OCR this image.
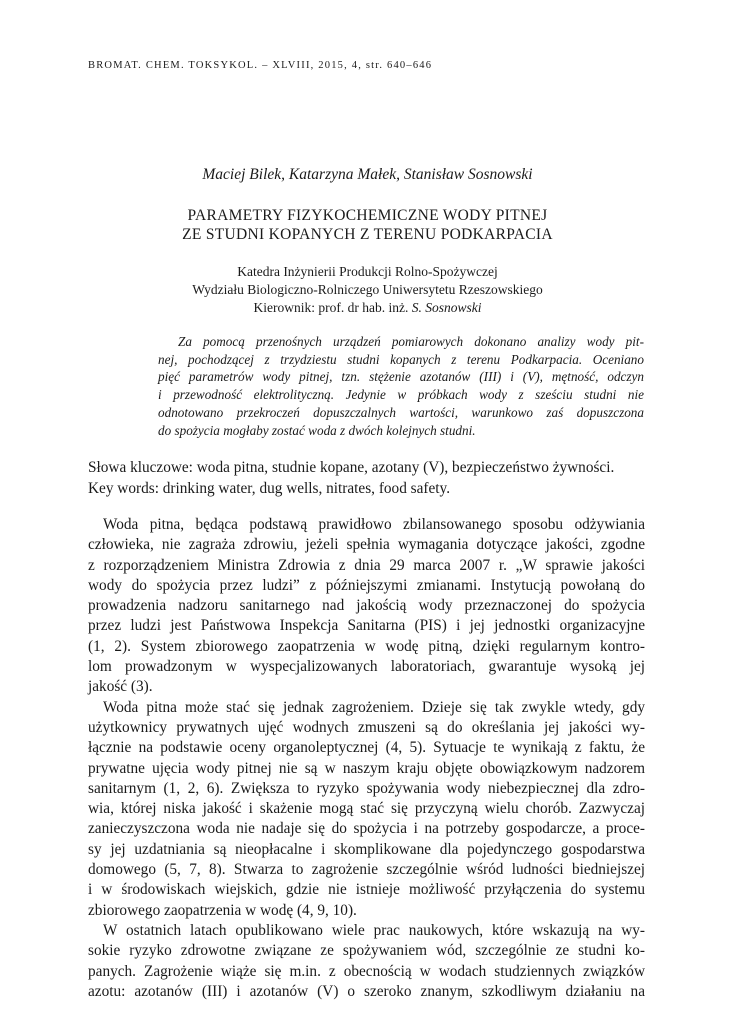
BROMAT. CHEM. TOKSYKOL. – XLVIII, 2015, 4, str. 640–646
Maciej Bilek, Katarzyna Małek, Stanisław Sosnowski
PARAMETRY FIZYKOCHEMICZNE WODY PITNEJ
ZE STUDNI KOPANYCH Z TERENU PODKARPACIA
Katedra Inżynierii Produkcji Rolno-Spożywczej
Wydziału Biologiczno-Rolniczego Uniwersytetu Rzeszowskiego
Kierownik: prof. dr hab. inż. S. Sosnowski
Za pomocą przenośnych urządzeń pomiarowych dokonano analizy wody pit-
nej, pochodzącej z trzydziestu studni kopanych z terenu Podkarpacia. Oceniano
pięć parametrów wody pitnej, tzn. stężenie azotanów (III) i (V), mętność, odczyn
i przewodność elektrolityczną. Jedynie w próbkach wody z sześciu studni nie
odnotowano przekroczeń dopuszczalnych wartości, warunkowo zaś dopuszczona
do spożycia mogłaby zostać woda z dwóch kolejnych studni.
Słowa kluczowe: woda pitna, studnie kopane, azotany (V), bezpieczeństwo żywności.
Key words: drinking water, dug wells, nitrates, food safety.
Woda pitna, będąca podstawą prawidłowo zbilansowanego sposobu odżywiania
człowieka, nie zagraża zdrowiu, jeżeli spełnia wymagania dotyczące jakości, zgodne
z rozporządzeniem Ministra Zdrowia z dnia 29 marca 2007 r. „W sprawie jakości
wody do spożycia przez ludzi” z późniejszymi zmianami. Instytucją powołaną do
prowadzenia nadzoru sanitarnego nad jakością wody przeznaczonej do spożycia
przez ludzi jest Państwowa Inspekcja Sanitarna (PIS) i jej jednostki organizacyjne
(1, 2). System zbiorowego zaopatrzenia w wodę pitną, dzięki regularnym kontro-
lom prowadzonym w wyspecjalizowanych laboratoriach, gwarantuje wysoką jej
jakość (3).
Woda pitna może stać się jednak zagrożeniem. Dzieje się tak zwykle wtedy, gdy
użytkownicy prywatnych ujęć wodnych zmuszeni są do określania jej jakości wy-
łącznie na podstawie oceny organoleptycznej (4, 5). Sytuacje te wynikają z faktu, że
prywatne ujęcia wody pitnej nie są w naszym kraju objęte obowiązkowym nadzorem
sanitarnym (1, 2, 6). Zwiększa to ryzyko spożywania wody niebezpiecznej dla zdro-
wia, której niska jakość i skażenie mogą stać się przyczyną wielu chorób. Zazwyczaj
zanieczyszczona woda nie nadaje się do spożycia i na potrzeby gospodarcze, a proce-
sy jej uzdatniania są nieopłacalne i skomplikowane dla pojedynczego gospodarstwa
domowego (5, 7, 8). Stwarza to zagrożenie szczególnie wśród ludności biedniejszej
i w środowiskach wiejskich, gdzie nie istnieje możliwość przyłączenia do systemu
zbiorowego zaopatrzenia w wodę (4, 9, 10).
W ostatnich latach opublikowano wiele prac naukowych, które wskazują na wy-
sokie ryzyko zdrowotne związane ze spożywaniem wód, szczególnie ze studni ko-
panych. Zagrożenie wiąże się m.in. z obecnością w wodach studziennych związków
azotu: azotanów (III) i azotanów (V) o szeroko znanym, szkodliwym działaniu na
